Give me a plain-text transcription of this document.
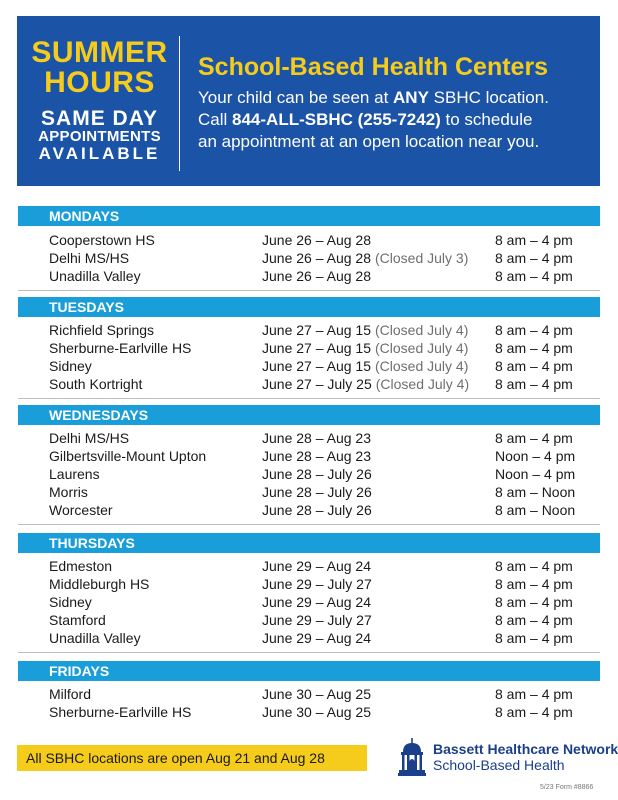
SUMMER
HOURS
SAME DAY
APPOINTMENTS
AVAILABLE
School-Based Health Centers
Your child can be seen at ANY SBHC location.
Call 844-ALL-SBHC (255-7242) to schedule
an appointment at an open location near you.
MONDAYS
Cooperstown HS	June 26 – Aug 28	8 am – 4 pm
Delhi MS/HS	June 26 – Aug 28 (Closed July 3) 8 am – 4 pm
Unadilla Valley	June 26 – Aug 28	8 am – 4 pm
TUESDAYS
Richfield Springs	June 27 – Aug 15 (Closed July 4) 8 am – 4 pm
Sherburne-Earlville HS	June 27 – Aug 15 (Closed July 4) 8 am – 4 pm
Sidney	June 27 – Aug 15 (Closed July 4) 8 am – 4 pm
South Kortright	June 27 – July 25 (Closed July 4) 8 am – 4 pm
WEDNESDAYS
Delhi MS/HS	June 28 – Aug 23	8 am – 4 pm
Gilbertsville-Mount Upton	June 28 – Aug 23	Noon – 4 pm
Laurens	June 28 – July 26	Noon – 4 pm
Morris	June 28 – July 26	8 am – Noon
Worcester	June 28 – July 26	8 am – Noon
THURSDAYS
Edmeston	June 29 – Aug 24	8 am – 4 pm
Middleburgh HS	June 29 – July 27	8 am – 4 pm
Sidney	June 29 – Aug 24	8 am – 4 pm
Stamford	June 29 – July 27	8 am – 4 pm
Unadilla Valley	June 29 – Aug 24	8 am – 4 pm
FRIDAYS
Milford	June 30 – Aug 25	8 am – 4 pm
Sherburne-Earlville HS	June 30 – Aug 25	8 am – 4 pm
All SBHC locations are open Aug 21 and Aug 28
Bassett Healthcare Network
School-Based Health
5/23 Form #8866
